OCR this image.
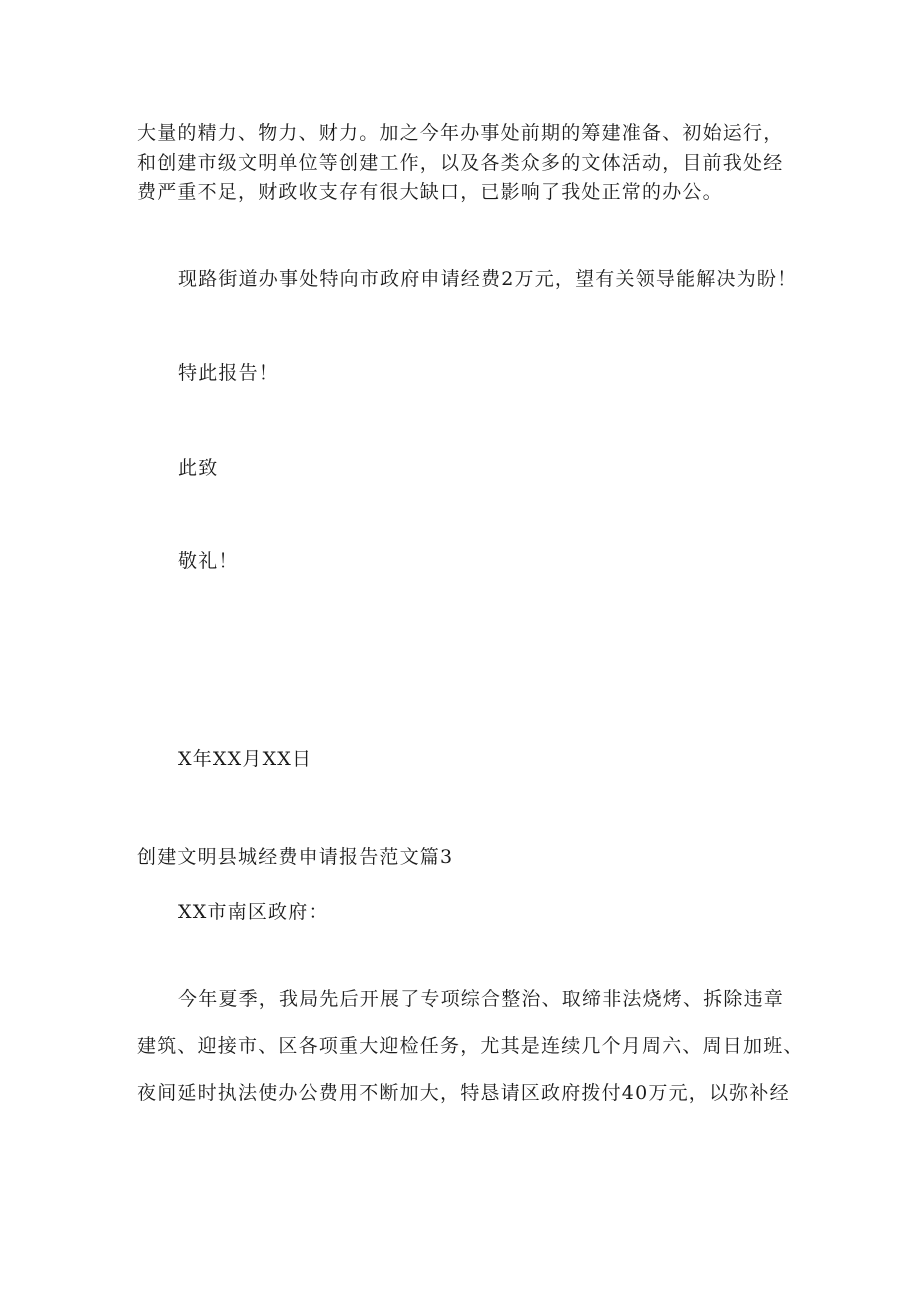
大量的精力、物力、财力。加之今年办事处前期的筹建准备、初始运行，
和创建市级文明单位等创建工作，以及各类众多的文体活动，目前我处经
费严重不足，财政收支存有很大缺口，已影响了我处正常的办公。
现路街道办事处特向市政府申请经费2万元，望有关领导能解决为盼！
特此报告！
此致
敬礼！
X年XX月XX日
创建文明县城经费申请报告范文篇3
XX市南区政府：
今年夏季，我局先后开展了专项综合整治、取缔非法烧烤、拆除违章
建筑、迎接市、区各项重大迎检任务，尤其是连续几个月周六、周日加班、
夜间延时执法使办公费用不断加大，特恳请区政府拨付40万元，以弥补经
